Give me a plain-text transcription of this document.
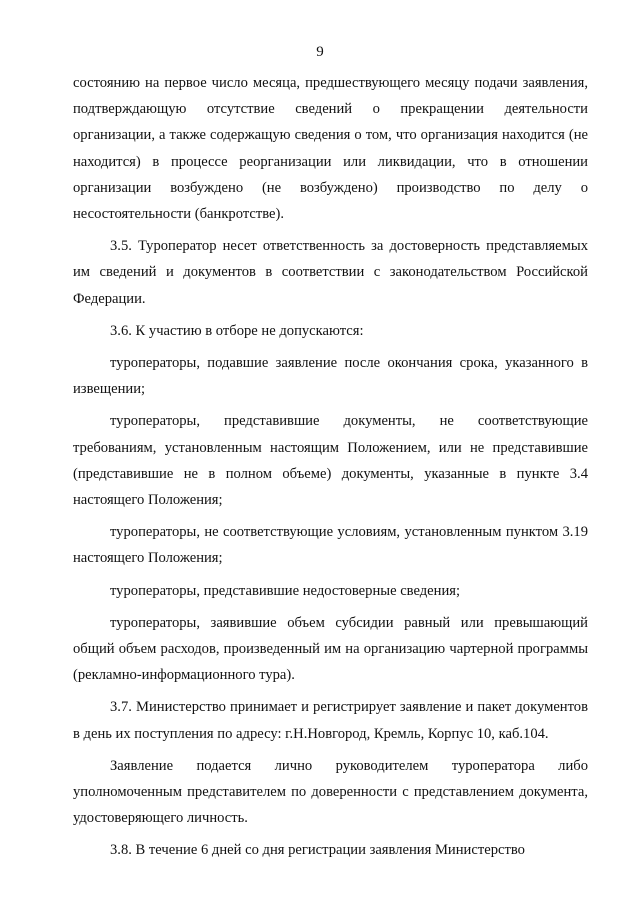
9

состоянию на первое число месяца, предшествующего месяцу подачи заявления, подтверждающую отсутствие сведений о прекращении деятельности организации, а также содержащую сведения о том, что организация находится (не находится) в процессе реорганизации или ликвидации, что в отношении организации возбуждено (не возбуждено) производство по делу о несостоятельности (банкротстве).

3.5. Туроператор несет ответственность за достоверность представляемых им сведений и документов в соответствии с законодательством Российской Федерации.

3.6. К участию в отборе не допускаются:

туроператоры, подавшие заявление после окончания срока, указанного в извещении;

туроператоры, представившие документы, не соответствующие требованиям, установленным настоящим Положением, или не представившие (представившие не в полном объеме) документы, указанные в пункте 3.4 настоящего Положения;

туроператоры, не соответствующие условиям, установленным пунктом 3.19 настоящего Положения;

туроператоры, представившие недостоверные сведения;

туроператоры, заявившие объем субсидии равный или превышающий общий объем расходов, произведенный им на организацию чартерной программы (рекламно-информационного тура).

3.7. Министерство принимает и регистрирует заявление и пакет документов в день их поступления по адресу: г.Н.Новгород, Кремль, Корпус 10, каб.104.

Заявление подается лично руководителем туроператора либо уполномоченным представителем по доверенности с представлением документа, удостоверяющего личность.

3.8. В течение 6 дней со дня регистрации заявления Министерство
